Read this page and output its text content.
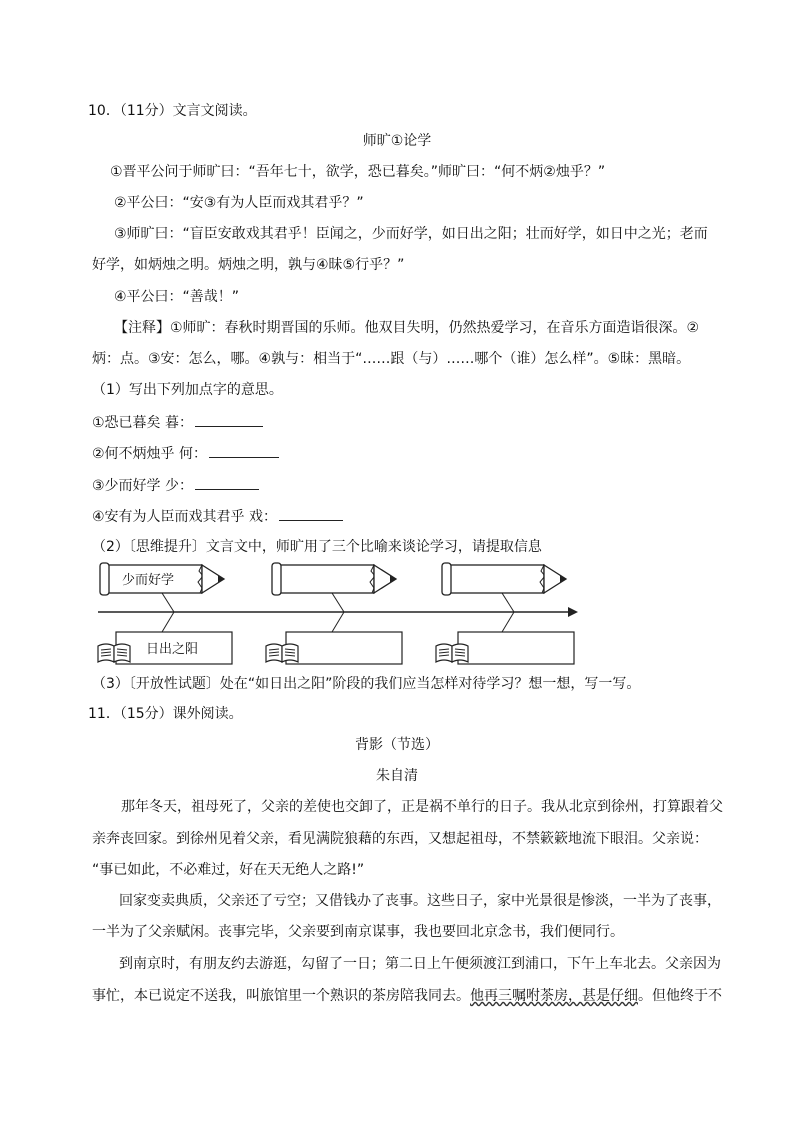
10．（11分）文言文阅读。
师旷①论学
①晋平公问于师旷曰：“吾年七十，欲学，恐已暮矣。”师旷曰：“何不炳②烛乎？”
②平公曰：“安③有为人臣而戏其君乎？”
③师旷曰：“盲臣安敢戏其君乎！臣闻之，少而好学，如日出之阳；壮而好学，如日中之光；老而
好学，如炳烛之明。炳烛之明，孰与④昧⑤行乎？”
④平公曰：“善哉！”
【注释】①师旷：春秋时期晋国的乐师。他双目失明，仍然热爱学习，在音乐方面造诣很深。②
炳：点。③安：怎么，哪。④孰与：相当于“……跟（与）……哪个（谁）怎么样”。⑤昧：黑暗。
（1）写出下列加点字的意思。
①恐已暮矣 暮：
②何不炳烛乎 何：
③少而好学 少：
④安有为人臣而戏其君乎 戏：
（2）〔思维提升〕文言文中，师旷用了三个比喻来谈论学习，请提取信息
少而好学
日出之阳
（3）〔开放性试题〕处在“如日出之阳”阶段的我们应当怎样对待学习？想一想，写一写。
11．（15分）课外阅读。
背影（节选）
朱自清
那年冬天，祖母死了，父亲的差使也交卸了，正是祸不单行的日子。我从北京到徐州，打算跟着父
亲奔丧回家。到徐州见着父亲，看见满院狼藉的东西，又想起祖母，不禁簌簌地流下眼泪。父亲说：
“事已如此，不必难过，好在天无绝人之路!”
回家变卖典质，父亲还了亏空；又借钱办了丧事。这些日子，家中光景很是惨淡，一半为了丧事，
一半为了父亲赋闲。丧事完毕，父亲要到南京谋事，我也要回北京念书，我们便同行。
到南京时，有朋友约去游逛，勾留了一日；第二日上午便须渡江到浦口，下午上车北去。父亲因为
事忙，本已说定不送我，叫旅馆里一个熟识的茶房陪我同去。他再三嘱咐茶房，甚是仔细。但他终于不
